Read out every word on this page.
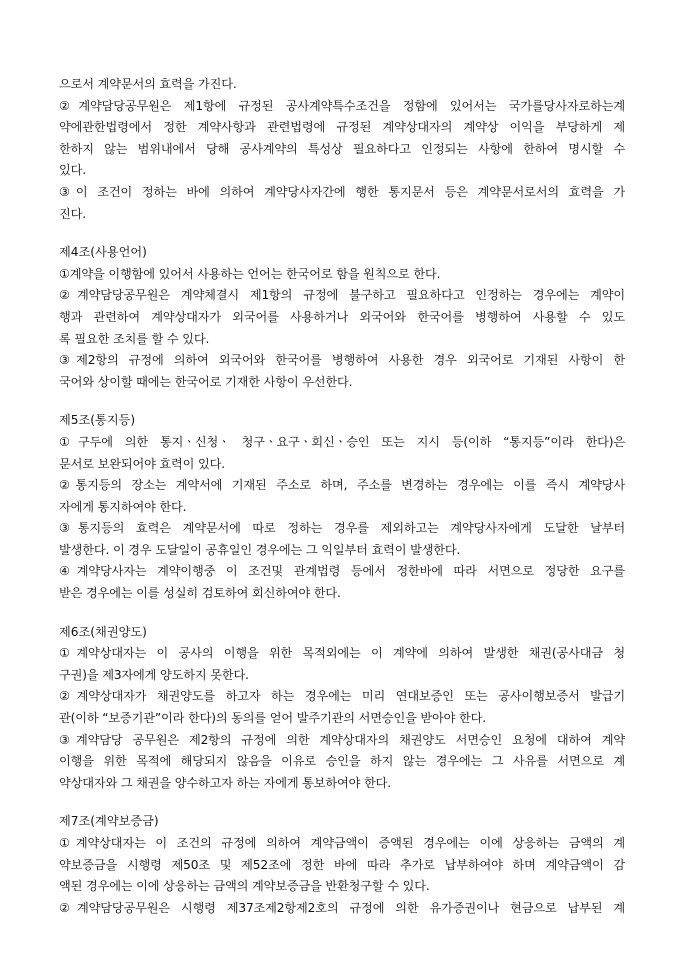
으로서 계약문서의 효력을 가진다.
②계약담당공무원은 제1항에 규정된 공사계약특수조건을 정함에 있어서는 국가를당사자로하는계
약에관한법령에서 정한 계약사항과 관련법령에 규정된 계약상대자의 계약상 이익을 부당하게 제
한하지 않는 범위내에서 당해 공사계약의 특성상 필요하다고 인정되는 사항에 한하여 명시할 수
있다.
③이 조건이 정하는 바에 의하여 계약당사자간에 행한 통지문서 등은 계약문서로서의 효력을 가
진다.
제4조(사용언어)
①계약을 이행함에 있어서 사용하는 언어는 한국어로 함을 원칙으로 한다.
②계약담당공무원은 계약체결시 제1항의 규정에 불구하고 필요하다고 인정하는 경우에는 계약이
행과 관련하여 계약상대자가 외국어를 사용하거나 외국어와 한국어를 병행하여 사용할 수 있도
록 필요한 조치를 할 수 있다.
③제2항의 규정에 의하여 외국어와 한국어를 병행하여 사용한 경우 외국어로 기재된 사항이 한
국어와 상이할 때에는 한국어로 기재한 사항이 우선한다.
제5조(통지등)
①구두에 의한 통지ㆍ신청ㆍ 청구ㆍ요구ㆍ회신ㆍ승인 또는 지시 등(이하 “통지등”이라 한다)은
문서로 보완되어야 효력이 있다.
②통지등의 장소는 계약서에 기재된 주소로 하며, 주소를 변경하는 경우에는 이를 즉시 계약당사
자에게 통지하여야 한다.
③통지등의 효력은 계약문서에 따로 정하는 경우를 제외하고는 계약당사자에게 도달한 날부터
발생한다. 이 경우 도달일이 공휴일인 경우에는 그 익일부터 효력이 발생한다.
④계약당사자는 계약이행중 이 조건및 관계법령 등에서 정한바에 따라 서면으로 정당한 요구를
받은 경우에는 이를 성실히 검토하여 회신하여야 한다.
제6조(채권양도)
①계약상대자는 이 공사의 이행을 위한 목적외에는 이 계약에 의하여 발생한 채권(공사대금 청
구권)을 제3자에게 양도하지 못한다.
②계약상대자가 채권양도를 하고자 하는 경우에는 미리 연대보증인 또는 공사이행보증서 발급기
관(이하 “보증기관”이라 한다)의 동의를 얻어 발주기관의 서면승인을 받아야 한다.
③계약담당 공무원은 제2항의 규정에 의한 계약상대자의 채권양도 서면승인 요청에 대하여 계약
이행을 위한 목적에 해당되지 않음을 이유로 승인을 하지 않는 경우에는 그 사유를 서면으로 계
약상대자와 그 채권을 양수하고자 하는 자에게 통보하여야 한다.
제7조(계약보증금)
①계약상대자는 이 조건의 규정에 의하여 계약금액이 증액된 경우에는 이에 상응하는 금액의 계
약보증금을 시행령 제50조 및 제52조에 정한 바에 따라 추가로 납부하여야 하며 계약금액이 감
액된 경우에는 이에 상응하는 금액의 계약보증금을 반환청구할 수 있다.
②계약담당공무원은 시행령 제37조제2항제2호의 규정에 의한 유가증권이나 현금으로 납부된 계
